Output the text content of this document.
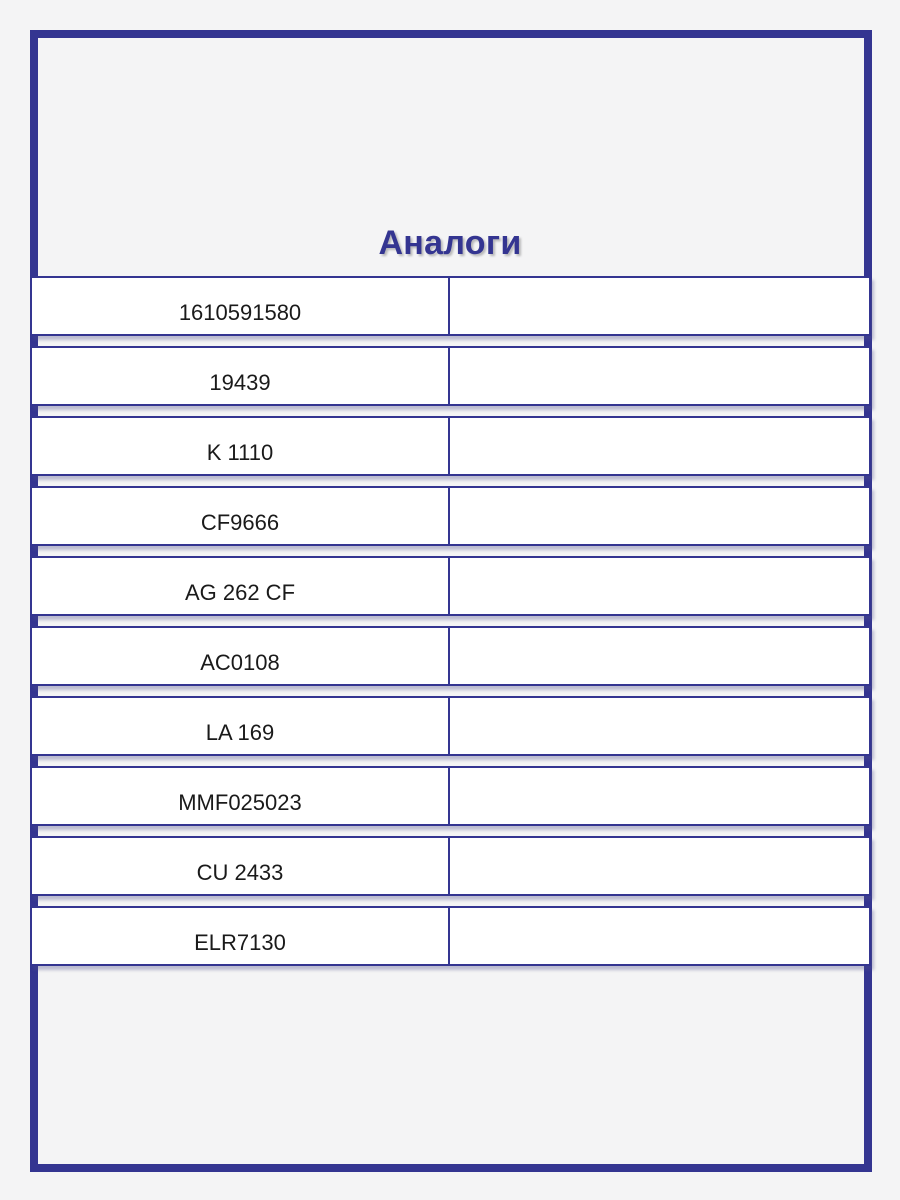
Аналоги
1610591580
19439
K 1110
CF9666
AG 262 CF
AC0108
LA 169
MMF025023
CU 2433
ELR7130
